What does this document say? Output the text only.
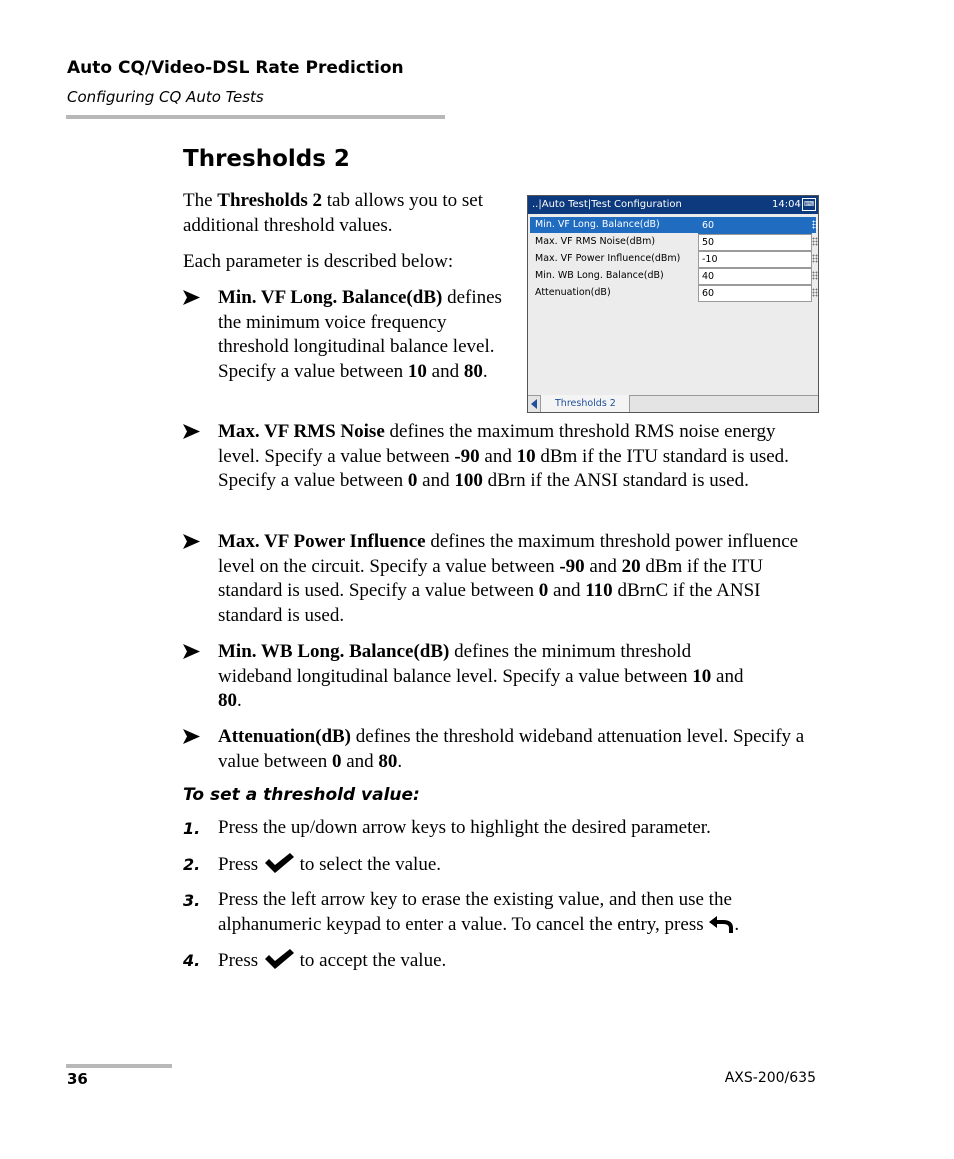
Auto CQ/Video-DSL Rate Prediction
Configuring CQ Auto Tests
Thresholds 2
The Thresholds 2 tab allows you to set additional threshold values.
Each parameter is described below:
Min. VF Long. Balance(dB) defines the minimum voice frequency threshold longitudinal balance level. Specify a value between 10 and 80.
Max. VF RMS Noise defines the maximum threshold RMS noise energy level. Specify a value between -90 and 10 dBm if the ITU standard is used. Specify a value between 0 and 100 dBrn if the ANSI standard is used.
Max. VF Power Influence defines the maximum threshold power influence level on the circuit. Specify a value between -90 and 20 dBm if the ITU standard is used. Specify a value between 0 and 110 dBrnC if the ANSI standard is used.
Min. WB Long. Balance(dB) defines the minimum threshold wideband longitudinal balance level. Specify a value between 10 and 80.
Attenuation(dB) defines the threshold wideband attenuation level. Specify a value between 0 and 80.
To set a threshold value:
1. Press the up/down arrow keys to highlight the desired parameter.
2. Press  to select the value.
3. Press the left arrow key to erase the existing value, and then use the alphanumeric keypad to enter a value. To cancel the entry, press .
4. Press  to accept the value.
..|Auto Test|Test Configuration	14:04 ⌨
Min. VF Long. Balance(dB)	60
Max. VF RMS Noise(dBm)	50
Max. VF Power Influence(dBm) -10
Min. WB Long. Balance(dB)	40
Attenuation(dB)	60
Thresholds 2
36	AXS-200/635
